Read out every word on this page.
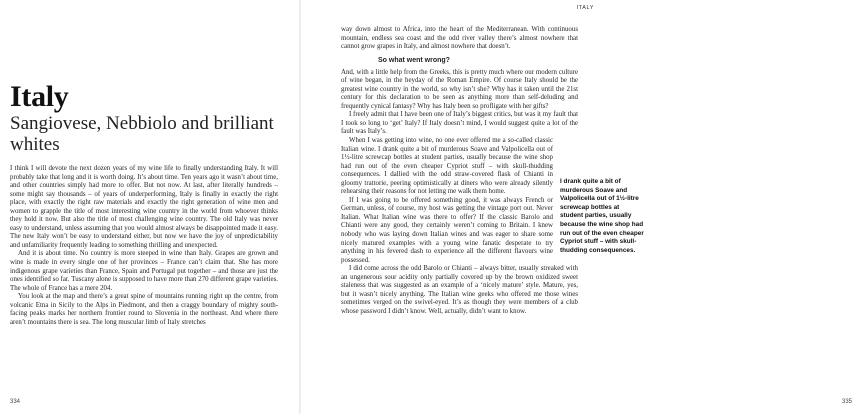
Italy
Sangiovese, Nebbiolo and brilliant whites

I think I will devote the next dozen years of my wine life to finally understanding Italy. It will probably take that long and it is worth doing. It’s about time. Ten years ago it wasn’t about time, and other countries simply had more to offer. But not now. At last, after literally hundreds – some might say thousands – of years of underperforming, Italy is finally in exactly the right place, with exactly the right raw materials and exactly the right generation of wine men and women to grapple the title of most interesting wine country in the world from whoever thinks they hold it now. But also the title of most challenging wine country. The old Italy was never easy to understand, unless assuming that you would almost always be disappointed made it easy. The new Italy won’t be easy to understand either, but now we have the joy of unpredictability and unfamiliarity frequently leading to something thrilling and unexpected.

And it is about time. No country is more steeped in wine than Italy. Grapes are grown and wine is made in every single one of her provinces – France can’t claim that. She has more indigenous grape varieties than France, Spain and Portugal put together – and those are just the ones identified so far. Tuscany alone is supposed to have more than 270 different grape varieties. The whole of France has a mere 204.

You look at the map and there’s a great spine of mountains running right up the centre, from volcanic Etna in Sicily to the Alps in Piedmont, and then a craggy boundary of mighty south-facing peaks marks her northern frontier round to Slovenia in the northeast. And where there aren’t mountains there is sea. The long muscular limb of Italy stretches

334
ITALY

way down almost to Africa, into the heart of the Mediterranean. With continuous mountain, endless sea coast and the odd river valley there’s almost nowhere that cannot grow grapes in Italy, and almost nowhere that doesn’t.

So what went wrong?

And, with a little help from the Greeks, this is pretty much where our modern culture of wine began, in the heyday of the Roman Empire. Of course Italy should be the greatest wine country in the world, so why isn’t she? Why has it taken until the 21st century for this declaration to be seen as anything more than self-deluding and frequently cynical fantasy? Why has Italy been so profligate with her gifts?

I freely admit that I have been one of Italy’s biggest critics, but was it my fault that I took so long to ‘get’ Italy? If Italy doesn’t mind, I would suggest quite a lot of the fault was Italy’s.

When I was getting into wine, no one ever offered me a so-called classic Italian wine. I drank quite a bit of murderous Soave and Valpolicella out of 1½-litre screwcap bottles at student parties, usually because the wine shop had run out of the even cheaper Cypriot stuff – with skull-thudding consequences. I dallied with the odd straw-covered flask of Chianti in gloomy trattorie, peering optimistically at diners who were already silently rehearsing their reasons for not letting me walk them home.

If I was going to be offered something good, it was always French or German, unless, of course, my host was getting the vintage port out. Never Italian. What Italian wine was there to offer? If the classic Barolo and Chianti were any good, they certainly weren’t coming to Britain. I knew nobody who was laying down Italian wines and was eager to share some nicely matured examples with a young wine fanatic desperate to try anything in his fevered dash to experience all the different flavours wine possessed.

I did come across the odd Barolo or Chianti – always bitter, usually streaked with an ungenerous sour acidity only partially covered up by the brown oxidized sweet staleness that was suggested as an example of a ‘nicely mature’ style. Mature, yes, but it wasn’t nicely anything. The Italian wine geeks who offered me those wines sometimes verged on the swivel-eyed. It’s as though they were members of a club whose password I didn’t know. Well, actually, didn’t want to know.

I drank quite a bit of murderous Soave and Valpolicella out of 1½-litre screwcap bottles at student parties, usually because the wine shop had run out of the even cheaper Cypriot stuff – with skull-thudding consequences.
335
